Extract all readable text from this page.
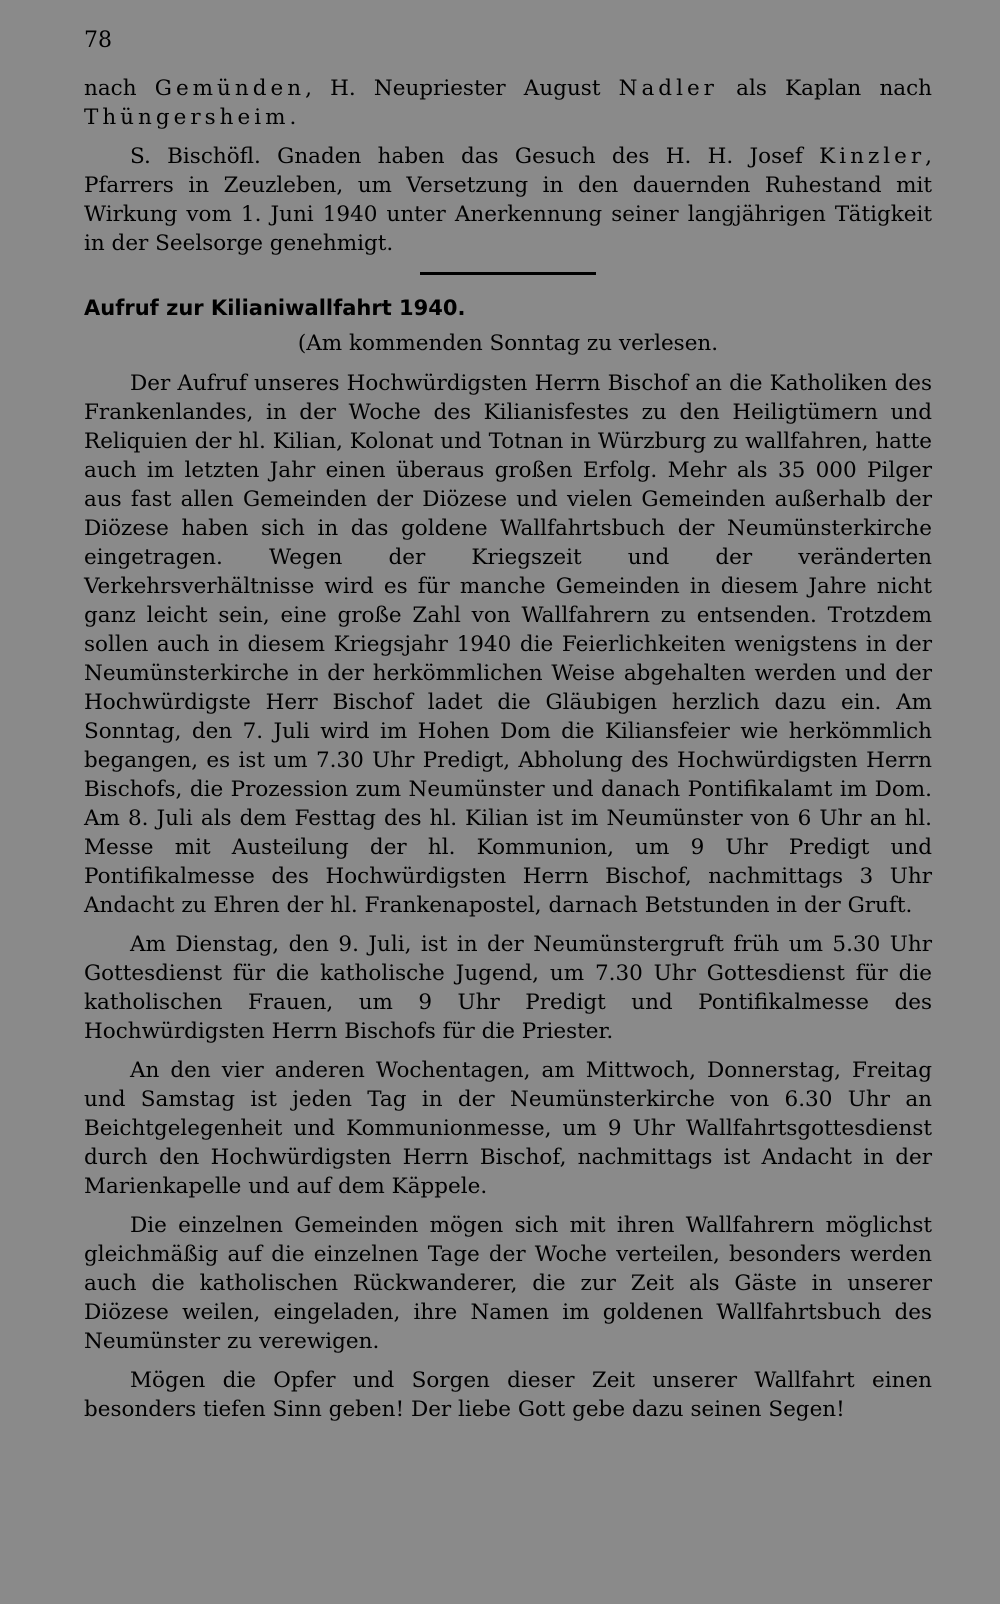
78

nach Gemünden, H. Neupriester August Nadler als Kaplan nach Thüngersheim.

S. Bischöfl. Gnaden haben das Gesuch des H. H. Josef Kinzler, Pfarrers in Zeuzleben, um Versetzung in den dauernden Ruhestand mit Wirkung vom 1. Juni 1940 unter Anerkennung seiner langjährigen Tätigkeit in der Seelsorge genehmigt.

Aufruf zur Kilianiwallfahrt 1940.
(Am kommenden Sonntag zu verlesen.

Der Aufruf unseres Hochwürdigsten Herrn Bischof an die Katholiken des Frankenlandes, in der Woche des Kilianisfestes zu den Heiligtümern und Reliquien der hl. Kilian, Kolonat und Totnan in Würzburg zu wallfahren, hatte auch im letzten Jahr einen überaus großen Erfolg. Mehr als 35 000 Pilger aus fast allen Gemeinden der Diözese und vielen Gemeinden außerhalb der Diözese haben sich in das goldene Wallfahrtsbuch der Neumünsterkirche eingetragen. Wegen der Kriegszeit und der veränderten Verkehrsverhältnisse wird es für manche Gemeinden in diesem Jahre nicht ganz leicht sein, eine große Zahl von Wallfahrern zu entsenden. Trotzdem sollen auch in diesem Kriegsjahr 1940 die Feierlichkeiten wenigstens in der Neumünsterkirche in der herkömmlichen Weise abgehalten werden und der Hochwürdigste Herr Bischof ladet die Gläubigen herzlich dazu ein. Am Sonntag, den 7. Juli wird im Hohen Dom die Kiliansfeier wie herkömmlich begangen, es ist um 7.30 Uhr Predigt, Abholung des Hochwürdigsten Herrn Bischofs, die Prozession zum Neumünster und danach Pontifikalamt im Dom. Am 8. Juli als dem Festtag des hl. Kilian ist im Neumünster von 6 Uhr an hl. Messe mit Austeilung der hl. Kommunion, um 9 Uhr Predigt und Pontifikalmesse des Hochwürdigsten Herrn Bischof, nachmittags 3 Uhr Andacht zu Ehren der hl. Frankenapostel, darnach Betstunden in der Gruft.

Am Dienstag, den 9. Juli, ist in der Neumünstergruft früh um 5.30 Uhr Gottesdienst für die katholische Jugend, um 7.30 Uhr Gottesdienst für die katholischen Frauen, um 9 Uhr Predigt und Pontifikalmesse des Hochwürdigsten Herrn Bischofs für die Priester.

An den vier anderen Wochentagen, am Mittwoch, Donnerstag, Freitag und Samstag ist jeden Tag in der Neumünsterkirche von 6.30 Uhr an Beichtgelegenheit und Kommunionmesse, um 9 Uhr Wallfahrtsgottesdienst durch den Hochwürdigsten Herrn Bischof, nachmittags ist Andacht in der Marienkapelle und auf dem Käppele.

Die einzelnen Gemeinden mögen sich mit ihren Wallfahrern möglichst gleichmäßig auf die einzelnen Tage der Woche verteilen, besonders werden auch die katholischen Rückwanderer, die zur Zeit als Gäste in unserer Diözese weilen, eingeladen, ihre Namen im goldenen Wallfahrtsbuch des Neumünster zu verewigen.

Mögen die Opfer und Sorgen dieser Zeit unserer Wallfahrt einen besonders tiefen Sinn geben! Der liebe Gott gebe dazu seinen Segen!
